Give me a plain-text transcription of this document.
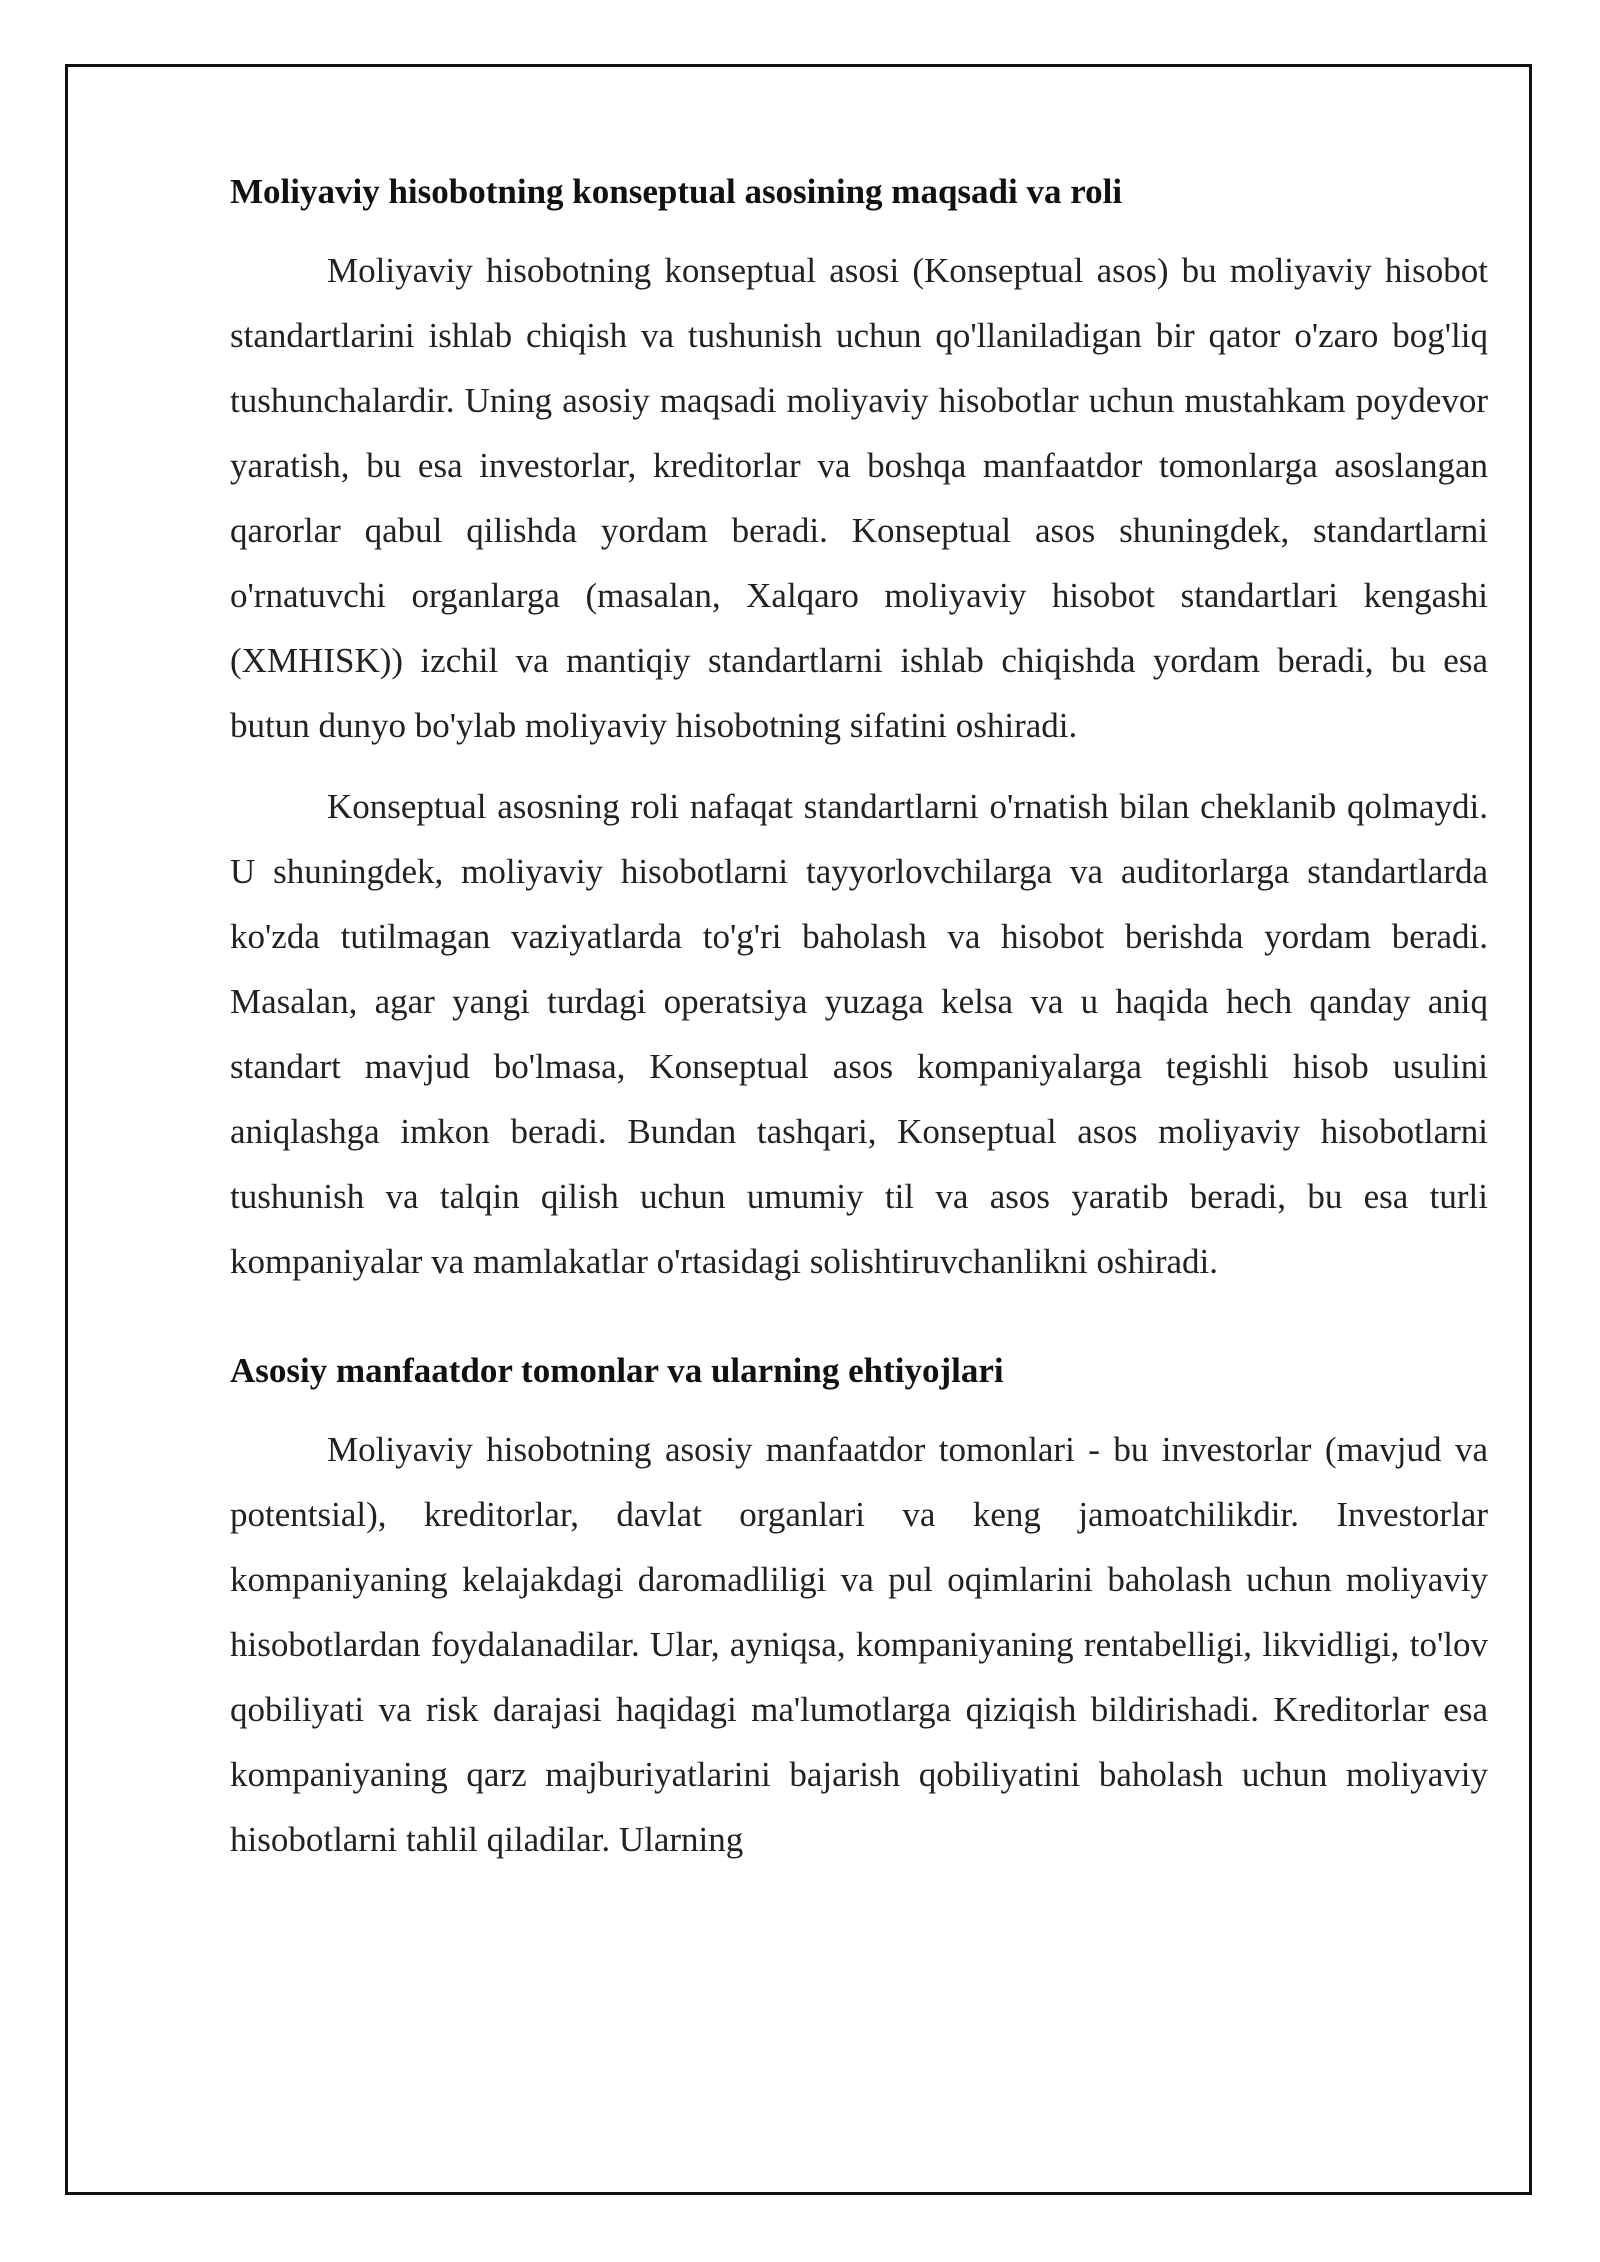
Moliyaviy hisobotning konseptual asosining maqsadi va roli

Moliyaviy hisobotning konseptual asosi (Konseptual asos) bu moliyaviy hisobot standartlarini ishlab chiqish va tushunish uchun qo'llaniladigan bir qator o'zaro bog'liq tushunchalardir. Uning asosiy maqsadi moliyaviy hisobotlar uchun mustahkam poydevor yaratish, bu esa investorlar, kreditorlar va boshqa manfaatdor tomonlarga asoslangan qarorlar qabul qilishda yordam beradi. Konseptual asos shuningdek, standartlarni o'rnatuvchi organlarga (masalan, Xalqaro moliyaviy hisobot standartlari kengashi (XMHISK)) izchil va mantiqiy standartlarni ishlab chiqishda yordam beradi, bu esa butun dunyo bo'ylab moliyaviy hisobotning sifatini oshiradi.

Konseptual asosning roli nafaqat standartlarni o'rnatish bilan cheklanib qolmaydi. U shuningdek, moliyaviy hisobotlarni tayyorlovchilarga va auditorlarga standartlarda ko'zda tutilmagan vaziyatlarda to'g'ri baholash va hisobot berishda yordam beradi. Masalan, agar yangi turdagi operatsiya yuzaga kelsa va u haqida hech qanday aniq standart mavjud bo'lmasa, Konseptual asos kompaniyalarga tegishli hisob usulini aniqlashga imkon beradi. Bundan tashqari, Konseptual asos moliyaviy hisobotlarni tushunish va talqin qilish uchun umumiy til va asos yaratib beradi, bu esa turli kompaniyalar va mamlakatlar o'rtasidagi solishtiruvchanlikni oshiradi.

Asosiy manfaatdor tomonlar va ularning ehtiyojlari

Moliyaviy hisobotning asosiy manfaatdor tomonlari - bu investorlar (mavjud va potentsial), kreditorlar, davlat organlari va keng jamoatchilikdir. Investorlar kompaniyaning kelajakdagi daromadliligi va pul oqimlarini baholash uchun moliyaviy hisobotlardan foydalanadilar. Ular, ayniqsa, kompaniyaning rentabelligi, likvidligi, to'lov qobiliyati va risk darajasi haqidagi ma'lumotlarga qiziqish bildirishadi. Kreditorlar esa kompaniyaning qarz majburiyatlarini bajarish qobiliyatini baholash uchun moliyaviy hisobotlarni tahlil qiladilar. Ularning
